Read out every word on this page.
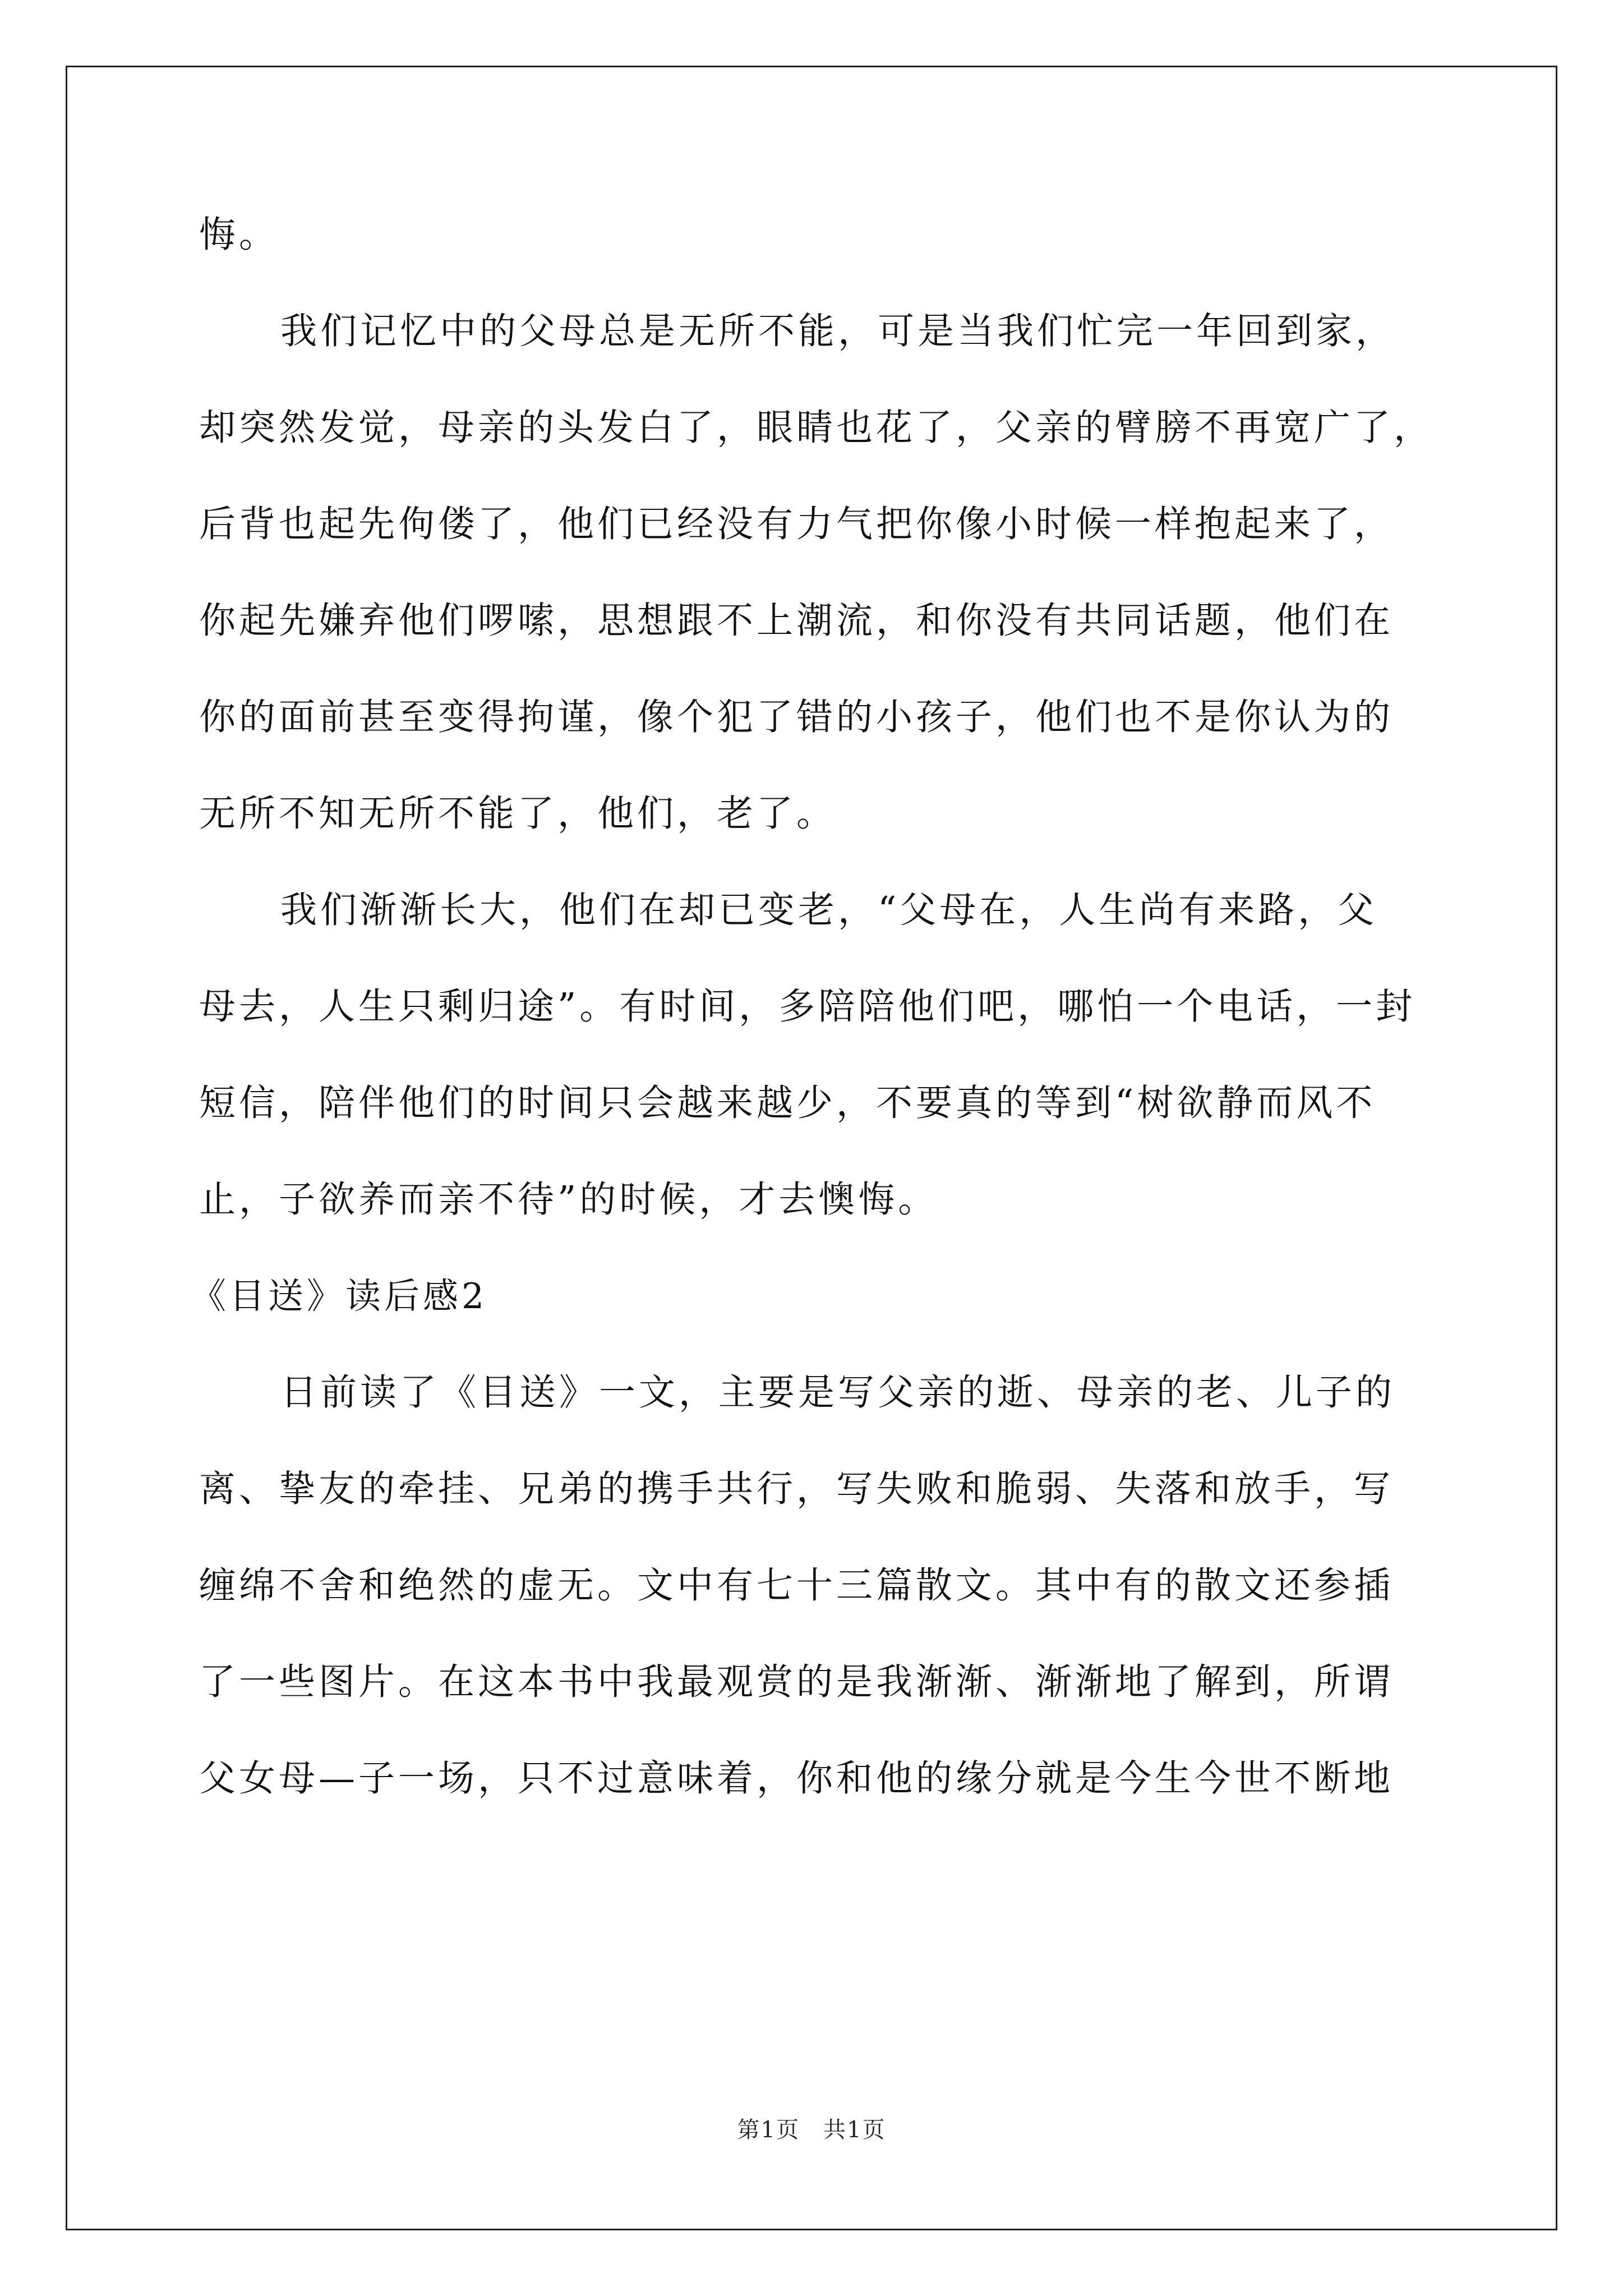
悔。
我们记忆中的父母总是无所不能，可是当我们忙完一年回到家，
却突然发觉，母亲的头发白了，眼睛也花了，父亲的臂膀不再宽广了，
后背也起先佝偻了，他们已经没有力气把你像小时候一样抱起来了，
你起先嫌弃他们啰嗦，思想跟不上潮流，和你没有共同话题，他们在
你的面前甚至变得拘谨，像个犯了错的小孩子，他们也不是你认为的
无所不知无所不能了，他们，老了。
我们渐渐长大，他们在却已变老，“父母在，人生尚有来路，父
母去，人生只剩归途”。有时间，多陪陪他们吧，哪怕一个电话，一封
短信，陪伴他们的时间只会越来越少，不要真的等到“树欲静而风不
止，子欲养而亲不待”的时候，才去懊悔。
《目送》读后感2
日前读了《目送》一文，主要是写父亲的逝、母亲的老、儿子的
离、挚友的牵挂、兄弟的携手共行，写失败和脆弱、失落和放手，写
缠绵不舍和绝然的虚无。文中有七十三篇散文。其中有的散文还参插
了一些图片。在这本书中我最观赏的是我渐渐、渐渐地了解到，所谓
父女母—子一场，只不过意味着，你和他的缘分就是今生今世不断地
第1页　共1页
